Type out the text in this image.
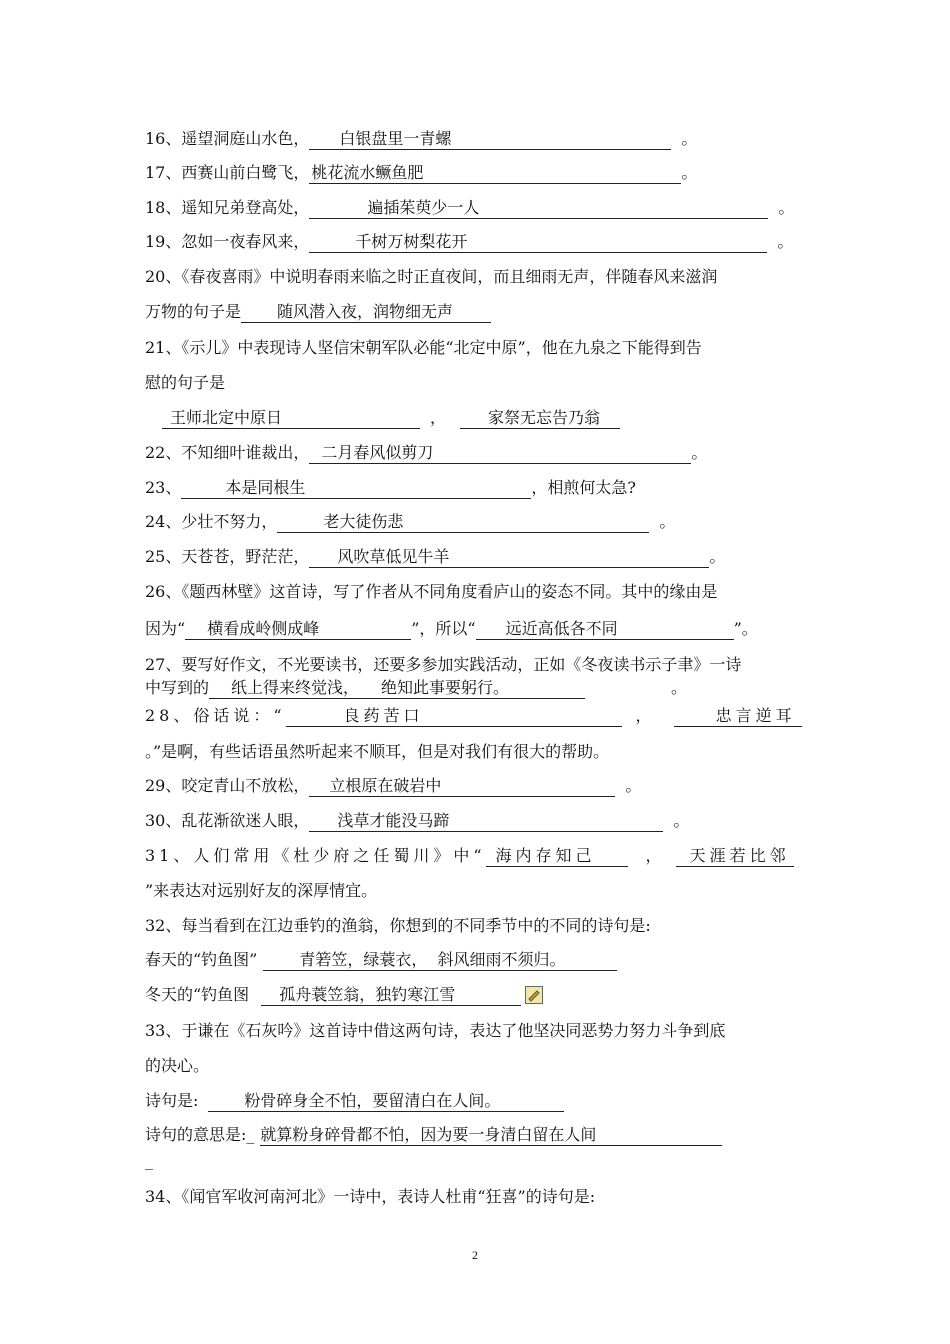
16、遥望洞庭山水色， 白银盘里一青螺	。
17、西赛山前白鹭飞， 桃花流水鳜鱼肥	。
18、遥知兄弟登高处，	遍插茱萸少一人	。
19、忽如一夜春风来，	千树万树梨花开	。
20、《春夜喜雨》中说明春雨来临之时正直夜间，而且细雨无声，伴随春风来滋润
万物的句子是 随风潜入夜，润物细无声
21、《示儿》中表现诗人坚信宋朝军队必能“北定中原”，他在九泉之下能得到告
慰的句子是
王师北定中原日	，	家祭无忘告乃翁
22、不知细叶谁裁出， 二月春风似剪刀	。
23、	本是同根生	，相煎何太急?
24、少壮不努力，	老大徒伤悲	。
25、天苍苍，野茫茫， 风吹草低见牛羊	。
26、《题西林壁》这首诗，写了作者从不同角度看庐山的姿态不同。其中的缘由是
因为“ 横看成岭侧成峰	”，所以“ 远近高低各不同	”。
27、要写好作文，不光要读书，还要多参加实践活动，正如《冬夜读书示子聿》一诗
中写到的 纸上得来终觉浅， 绝知此事要躬行。	。
28、俗话说：“	良药苦口	，	忠言逆耳
。”是啊，有些话语虽然听起来不顺耳，但是对我们有很大的帮助。
29、咬定青山不放松， 立根原在破岩中	。
30、乱花渐欲迷人眼， 浅草才能没马蹄	。
31、人们常用《杜少府之任蜀川》中“ 海内存知己	， 天涯若比邻
”来表达对远别好友的深厚情宜。
32、每当看到在江边垂钓的渔翁，你想到的不同季节中的不同的诗句是:
春天的“钓鱼图”	青箬笠，绿蓑衣，  斜风细雨不须归。
冬天的“钓鱼图 孤舟蓑笠翁，独钓寒江雪
33、于谦在《石灰吟》这首诗中借这两句诗，表达了他坚决同恶势力努力斗争到底
的决心。
诗句是:	粉骨碎身全不怕，要留清白在人间。
诗句的意思是:_ 就算粉身碎骨都不怕，因为要一身清白留在人间
_
34、《闻官军收河南河北》一诗中，表诗人杜甫“狂喜”的诗句是:
2
